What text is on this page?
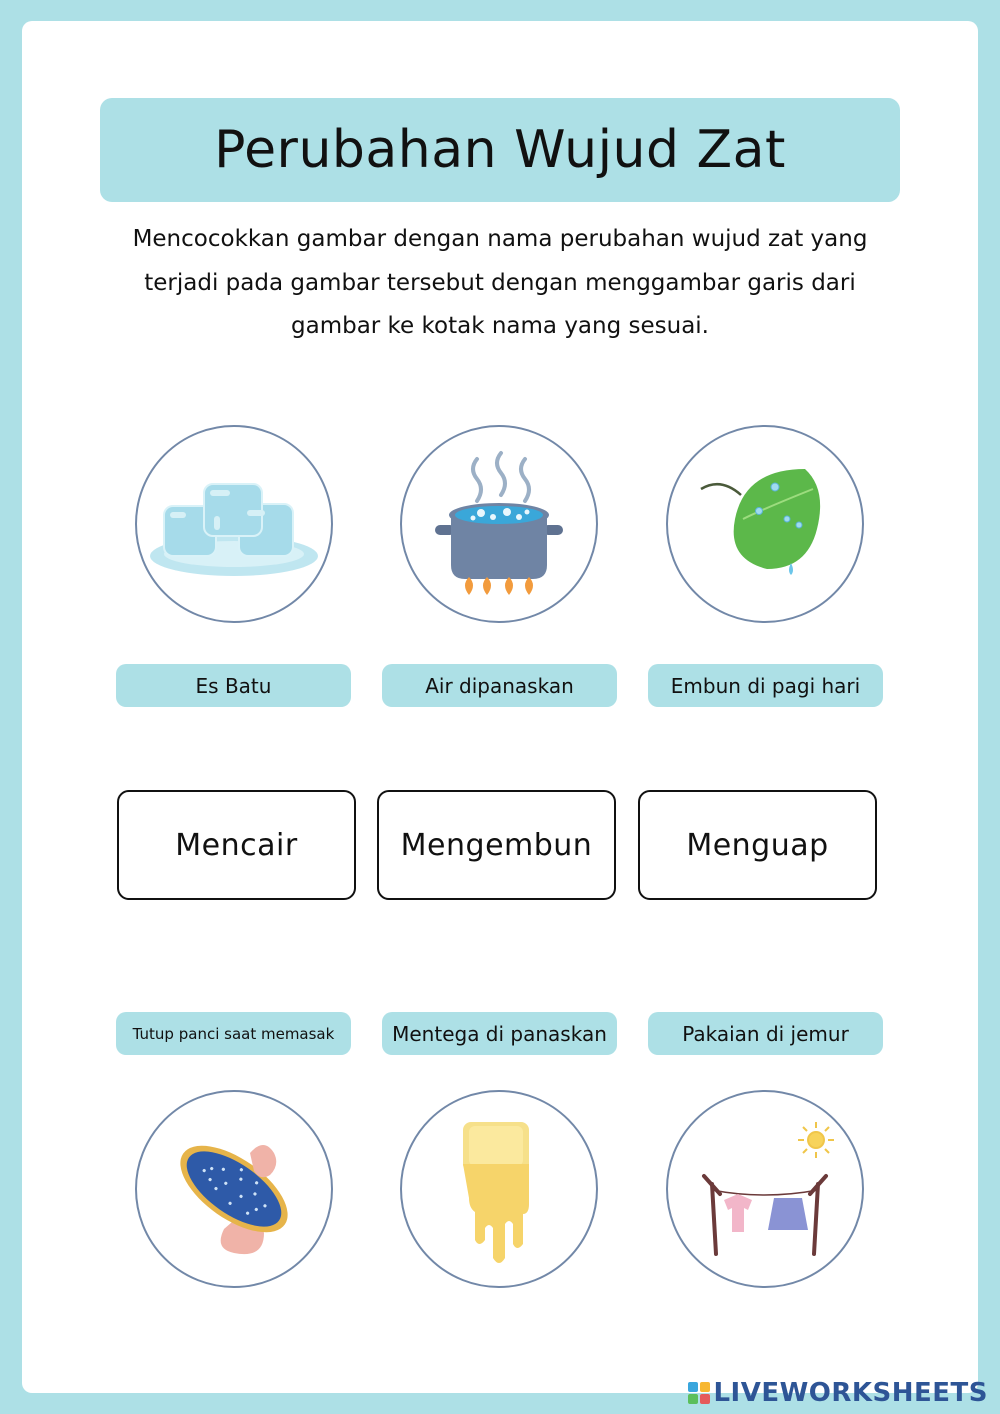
Perubahan Wujud Zat
Mencocokkan gambar dengan nama perubahan wujud zat yang terjadi pada gambar tersebut dengan menggambar garis dari gambar ke kotak nama yang sesuai.
Es Batu	Air dipanaskan	Embun di pagi hari
Mencair	Mengembun	Menguap
Tutup panci saat memasak	Mentega di panaskan	Pakaian di jemur
LIVEWORKSHEETS
